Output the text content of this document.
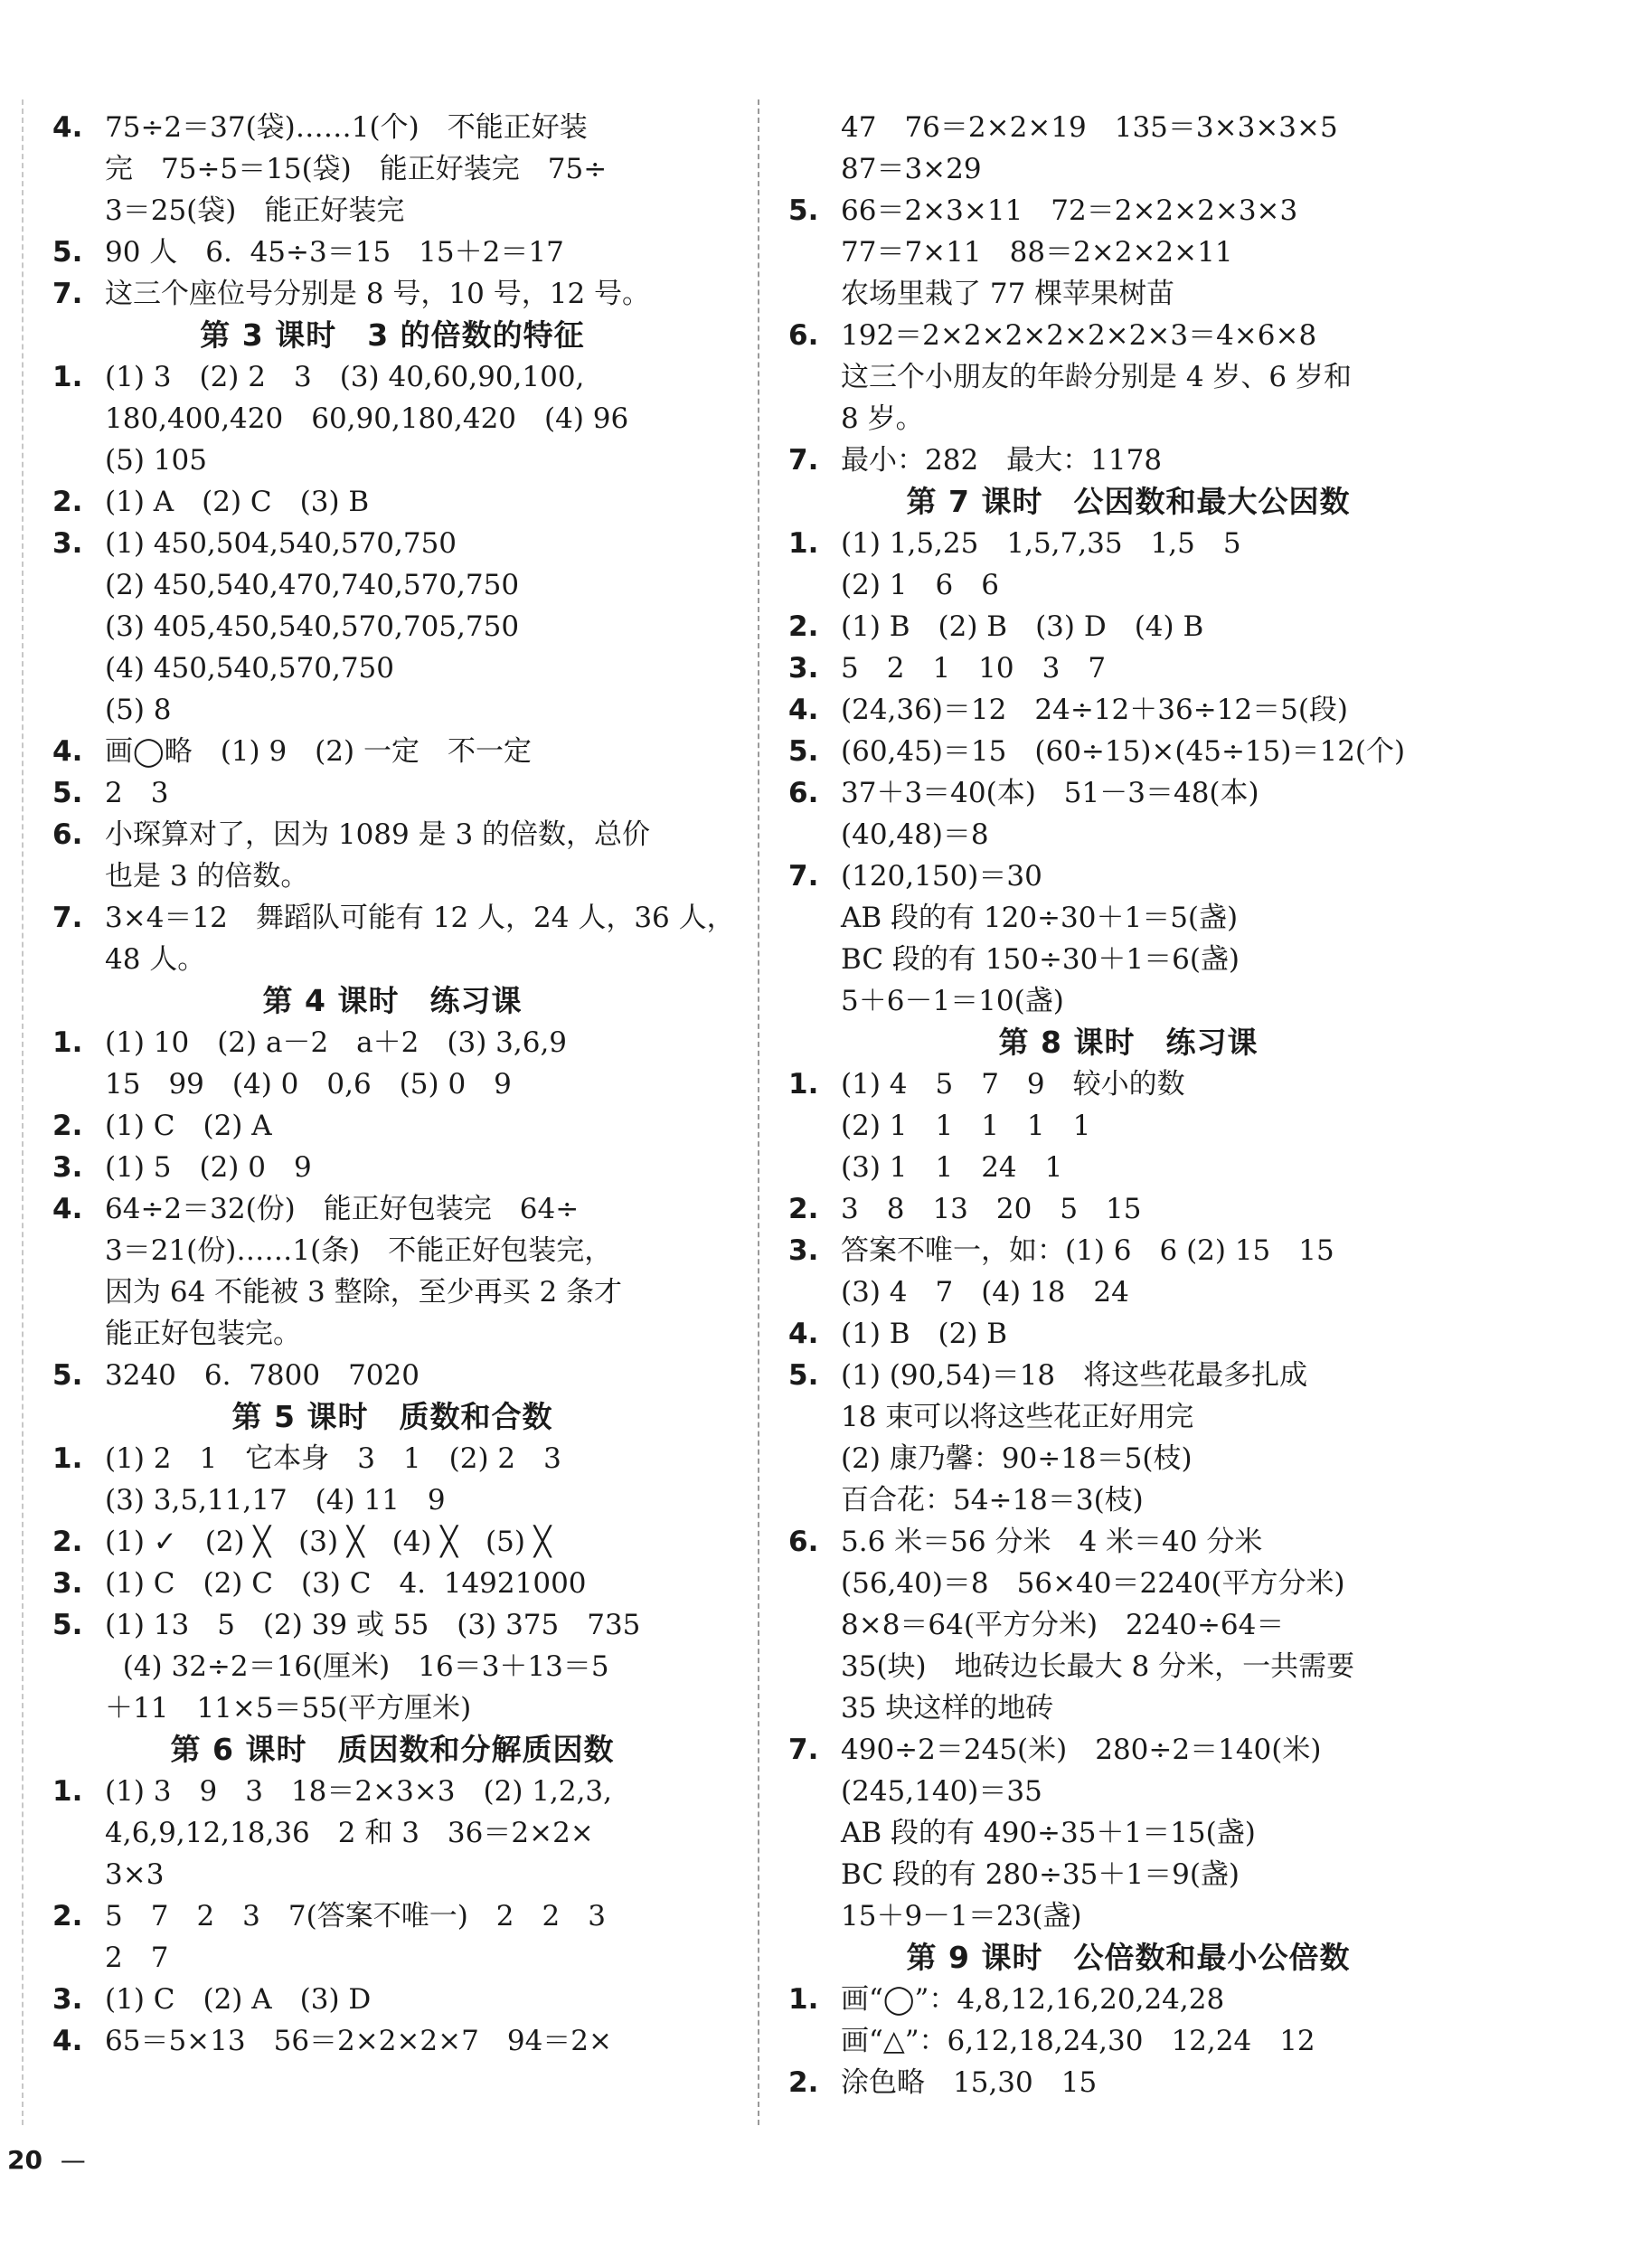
4. 75÷2＝37(袋)……1(个)　不能正好装
完　75÷5＝15(袋)　能正好装完　75÷
3＝25(袋)　能正好装完
5. 90 人　6.  45÷3＝15　15＋2＝17
7. 这三个座位号分别是 8 号，10 号，12 号。
第 3 课时　3 的倍数的特征
1. (1) 3　(2) 2　3　(3) 40,60,90,100,
180,400,420　60,90,180,420　(4) 96
(5) 105
2. (1) A　(2) C　(3) B
3. (1) 450,504,540,570,750
(2) 450,540,470,740,570,750
(3) 405,450,540,570,705,750
(4) 450,540,570,750
(5) 8
4. 画◯略　(1) 9　(2) 一定　不一定
5. 2　3
6. 小琛算对了，因为 1089 是 3 的倍数，总价
也是 3 的倍数。
7. 3×4＝12　舞蹈队可能有 12 人，24 人，36 人，
48 人。
第 4 课时　练习课
1. (1) 10　(2) a－2　a＋2　(3) 3,6,9
15　99　(4) 0　0,6　(5) 0　9
2. (1) C　(2) A
3. (1) 5　(2) 0　9
4. 64÷2＝32(份)　能正好包装完　64÷
3＝21(份)……1(条)　不能正好包装完，
因为 64 不能被 3 整除，至少再买 2 条才
能正好包装完。
5. 3240　6.  7800　7020
第 5 课时　质数和合数
1. (1) 2　1　它本身　3　1　(2) 2　3
(3) 3,5,11,17　(4) 11　9
2. (1) ✓　(2) ╳　(3) ╳　(4) ╳　(5) ╳
3. (1) C　(2) C　(3) C　4.  14921000
5. (1) 13　5　(2) 39 或 55　(3) 375　735
(4) 32÷2＝16(厘米)　16＝3＋13＝5
＋11　11×5＝55(平方厘米)
第 6 课时　质因数和分解质因数
1. (1) 3　9　3　18＝2×3×3　(2) 1,2,3,
4,6,9,12,18,36　2 和 3　36＝2×2×
3×3
2. 5　7　2　3　7(答案不唯一)　2　2　3
2　7
3. (1) C　(2) A　(3) D
4. 65＝5×13　56＝2×2×2×7　94＝2×
47　76＝2×2×19　135＝3×3×3×5
87＝3×29
5. 66＝2×3×11　72＝2×2×2×3×3
77＝7×11　88＝2×2×2×11
农场里栽了 77 棵苹果树苗
6. 192＝2×2×2×2×2×2×3＝4×6×8
这三个小朋友的年龄分别是 4 岁、6 岁和
8 岁。
7. 最小：282　最大：1178
第 7 课时　公因数和最大公因数
1. (1) 1,5,25　1,5,7,35　1,5　5
(2) 1　6　6
2. (1) B　(2) B　(3) D　(4) B
3. 5　2　1　10　3　7
4. (24,36)＝12　24÷12＋36÷12＝5(段)
5. (60,45)＝15　(60÷15)×(45÷15)＝12(个)
6. 37＋3＝40(本)　51－3＝48(本)
(40,48)＝8
7. (120,150)＝30
AB 段的有 120÷30＋1＝5(盏)
BC 段的有 150÷30＋1＝6(盏)
5＋6－1＝10(盏)
第 8 课时　练习课
1. (1) 4　5　7　9　较小的数
(2) 1　1　1　1　1
(3) 1　1　24　1
2. 3　8　13　20　5　15
3. 答案不唯一，如：(1) 6　6 (2) 15　15
(3) 4　7　(4) 18　24
4. (1) B　(2) B
5. (1) (90,54)＝18　将这些花最多扎成
18 束可以将这些花正好用完
(2) 康乃馨：90÷18＝5(枝)
百合花：54÷18＝3(枝)
6. 5.6 米＝56 分米　4 米＝40 分米
(56,40)＝8　56×40＝2240(平方分米)
8×8＝64(平方分米)　2240÷64＝
35(块)　地砖边长最大 8 分米，一共需要
35 块这样的地砖
7. 490÷2＝245(米)　280÷2＝140(米)
(245,140)＝35
AB 段的有 490÷35＋1＝15(盏)
BC 段的有 280÷35＋1＝9(盏)
15＋9－1＝23(盏)
第 9 课时　公倍数和最小公倍数
1. 画“◯”：4,8,12,16,20,24,28
画“△”：6,12,18,24,30　12,24　12
2. 涂色略　15,30　15
20 —
